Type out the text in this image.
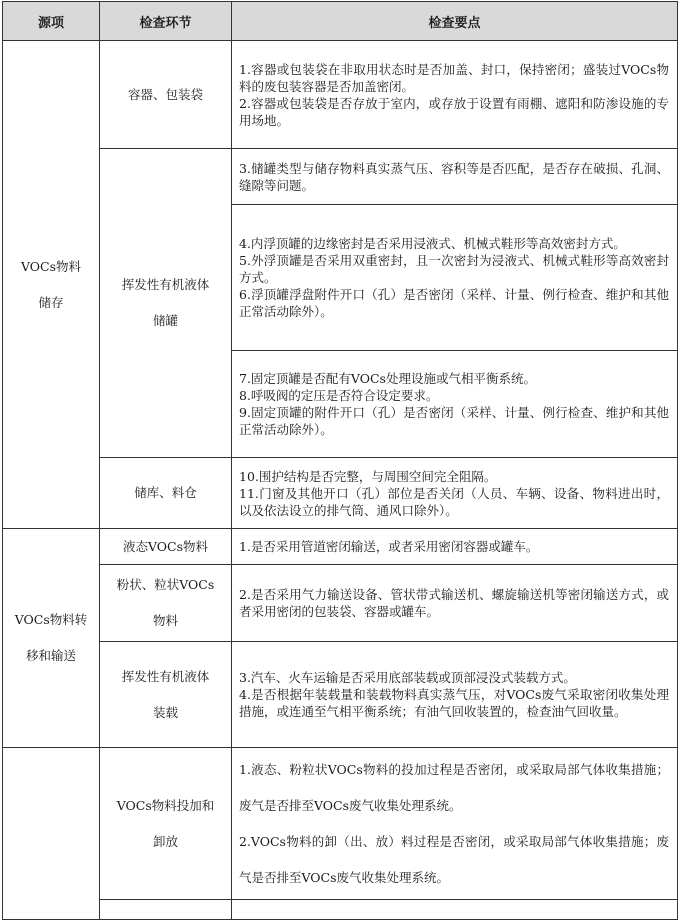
源项	检查环节	检查要点

VOCs物料
储存	容器、包装袋	1.容器或包装袋在非取用状态时是否加盖、封口，保持密闭；盛装过VOCs物料的废包装容器是否加盖密闭。
2.容器或包装袋是否存放于室内，或存放于设置有雨棚、遮阳和防渗设施的专用场地。

	挥发性有机液体
储罐	3.储罐类型与储存物料真实蒸气压、容积等是否匹配，是否存在破损、孔洞、缝隙等问题。

		4.内浮顶罐的边缘密封是否采用浸液式、机械式鞋形等高效密封方式。
5.外浮顶罐是否采用双重密封，且一次密封为浸液式、机械式鞋形等高效密封方式。
6.浮顶罐浮盘附件开口（孔）是否密闭（采样、计量、例行检查、维护和其他正常活动除外）。

		7.固定顶罐是否配有VOCs处理设施或气相平衡系统。
8.呼吸阀的定压是否符合设定要求。
9.固定顶罐的附件开口（孔）是否密闭（采样、计量、例行检查、维护和其他正常活动除外）。

	储库、料仓	10.围护结构是否完整，与周围空间完全阻隔。
11.门窗及其他开口（孔）部位是否关闭（人员、车辆、设备、物料进出时，以及依法设立的排气筒、通风口除外）。

VOCs物料转
移和输送	液态VOCs物料	1.是否采用管道密闭输送，或者采用密闭容器或罐车。

	粉状、粒状VOCs
物料	2.是否采用气力输送设备、管状带式输送机、螺旋输送机等密闭输送方式，或者采用密闭的包装袋、容器或罐车。

	挥发性有机液体
装载	3.汽车、火车运输是否采用底部装载或顶部浸没式装载方式。
4.是否根据年装载量和装载物料真实蒸气压，对VOCs废气采取密闭收集处理措施，或连通至气相平衡系统；有油气回收装置的，检查油气回收量。

	VOCs物料投加和
卸放	1.液态、粉粒状VOCs物料的投加过程是否密闭，或采取局部气体收集措施；废气是否排至VOCs废气收集处理系统。
2.VOCs物料的卸（出、放）料过程是否密闭，或采取局部气体收集措施；废气是否排至VOCs废气收集处理系统。
